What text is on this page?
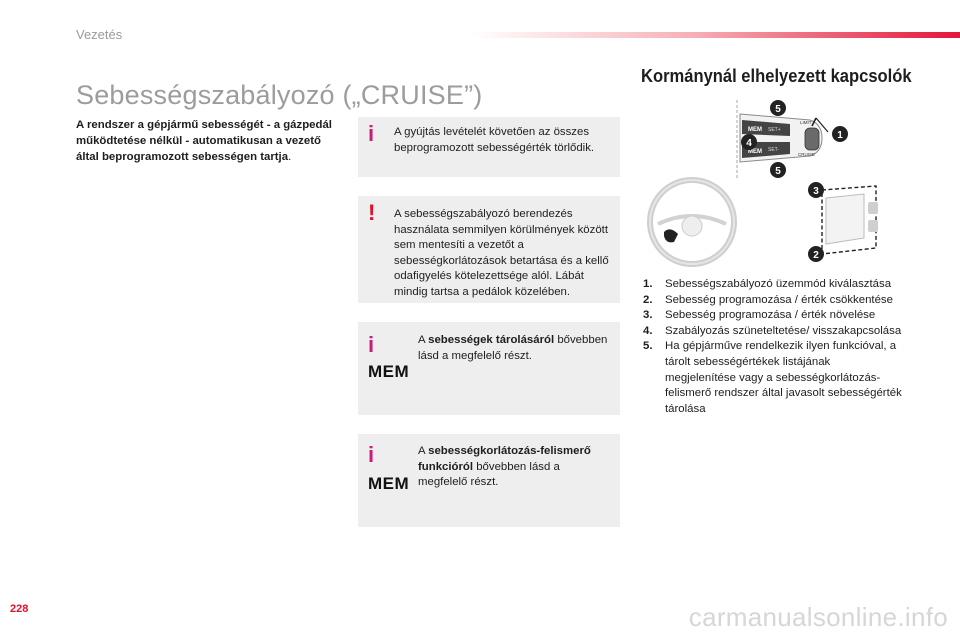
Vezetés
Sebességszabályozó („CRUISE”)

A rendszer a gépjármű sebességét - a gázpedál működtetése nélkül - automatikusan a vezető által beprogramozott sebességen tartja.

i A gyújtás levételét követően az összes beprogramozott sebességérték törlődik.
! A sebességszabályozó berendezés használata semmilyen körülmények között sem mentesíti a vezetőt a sebességkorlátozások betartása és a kellő odafigyelés kötelezettsége alól. Lábát mindig tartsa a pedálok közelében.
i
MEM
A sebességek tárolásáról bővebben lásd a megfelelő részt.
i
MEM
A sebességkorlátozás-felismerő funkcióról bővebben lásd a megfelelő részt.
Kormánynál elhelyezett kapcsolók
MEM
MEM
SET+
SET-
LIMIT
CRUISE
1
4
5
5
3
2
1.	Sebességszabályozó üzemmód kiválasztása
2.	Sebesség programozása / érték csökkentése
3.	Sebesség programozása / érték növelése
4.	Szabályozás szüneteltetése/ visszakapcsolása
5.	Ha gépjárműve rendelkezik ilyen funkcióval, a tárolt sebességértékek listájának megjelenítése vagy a sebességkorlátozás-felismerő rendszer által javasolt sebességérték tárolása
228	carmanualsonline.info
